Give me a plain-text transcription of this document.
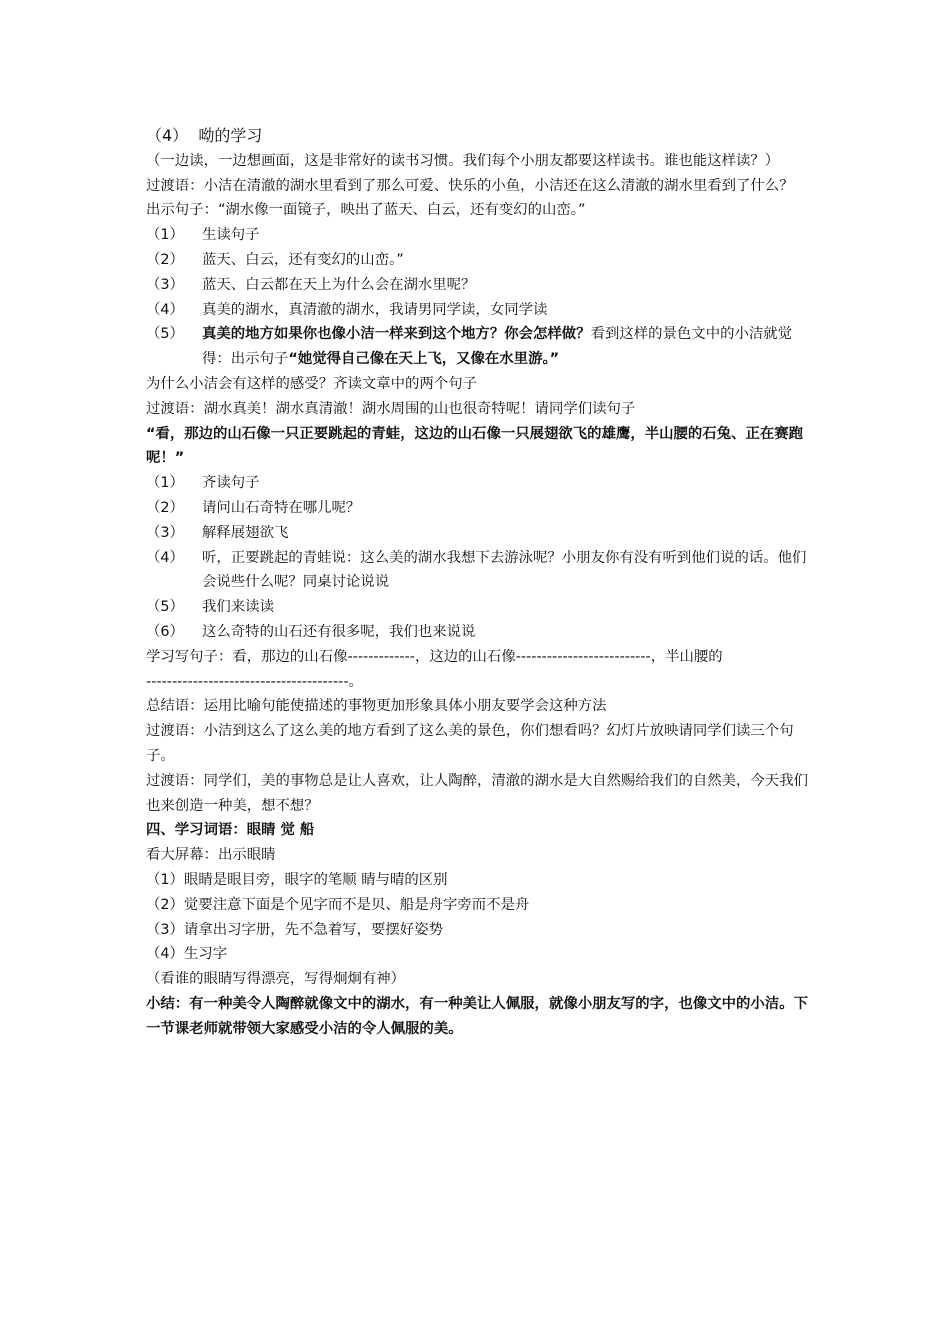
（4） 呦的学习
（一边读，一边想画面，这是非常好的读书习惯。我们每个小朋友都要这样读书。谁也能这样读？）
过渡语：小洁在清澈的湖水里看到了那么可爱、快乐的小鱼，小洁还在这么清澈的湖水里看到了什么？
出示句子：“湖水像一面镜子，映出了蓝天、白云，还有变幻的山峦。”
（1）	生读句子
（2）	蓝天、白云，还有变幻的山峦。”
（3）	蓝天、白云都在天上为什么会在湖水里呢？
（4）	真美的湖水，真清澈的湖水，我请男同学读，女同学读
（5）	真美的地方如果你也像小洁一样来到这个地方？你会怎样做？看到这样的景色文中的小洁就觉得：出示句子“她觉得自己像在天上飞，又像在水里游。”
为什么小洁会有这样的感受？齐读文章中的两个句子
过渡语：湖水真美！湖水真清澈！湖水周围的山也很奇特呢！请同学们读句子
“看，那边的山石像一只正要跳起的青蛙，这边的山石像一只展翅欲飞的雄鹰，半山腰的石兔、正在赛跑呢！”
（1）	齐读句子
（2）	请问山石奇特在哪儿呢？
（3）	解释展翅欲飞
（4）	听，正要跳起的青蛙说：这么美的湖水我想下去游泳呢？小朋友你有没有听到他们说的话。他们会说些什么呢？同桌讨论说说
（5）	我们来读读
（6）	这么奇特的山石还有很多呢，我们也来说说
学习写句子：看，那边的山石像-------------，这边的山石像--------------------------，半山腰的
---------------------------------------。
总结语：运用比喻句能使描述的事物更加形象具体小朋友要学会这种方法
过渡语：小洁到这么了这么美的地方看到了这么美的景色，你们想看吗？幻灯片放映请同学们读三个句子。
过渡语：同学们，美的事物总是让人喜欢，让人陶醉，清澈的湖水是大自然赐给我们的自然美，今天我们也来创造一种美，想不想？
四、学习词语：眼睛 觉 船
看大屏幕：出示眼睛
（1）眼睛是眼目旁，眼字的笔顺 睛与晴的区别
（2）觉要注意下面是个见字而不是贝、船是舟字旁而不是舟
（3）请拿出习字册，先不急着写，要摆好姿势
（4）生习字
（看谁的眼睛写得漂亮，写得炯炯有神）
小结：有一种美令人陶醉就像文中的湖水，有一种美让人佩服，就像小朋友写的字，也像文中的小洁。下一节课老师就带领大家感受小洁的令人佩服的美。
